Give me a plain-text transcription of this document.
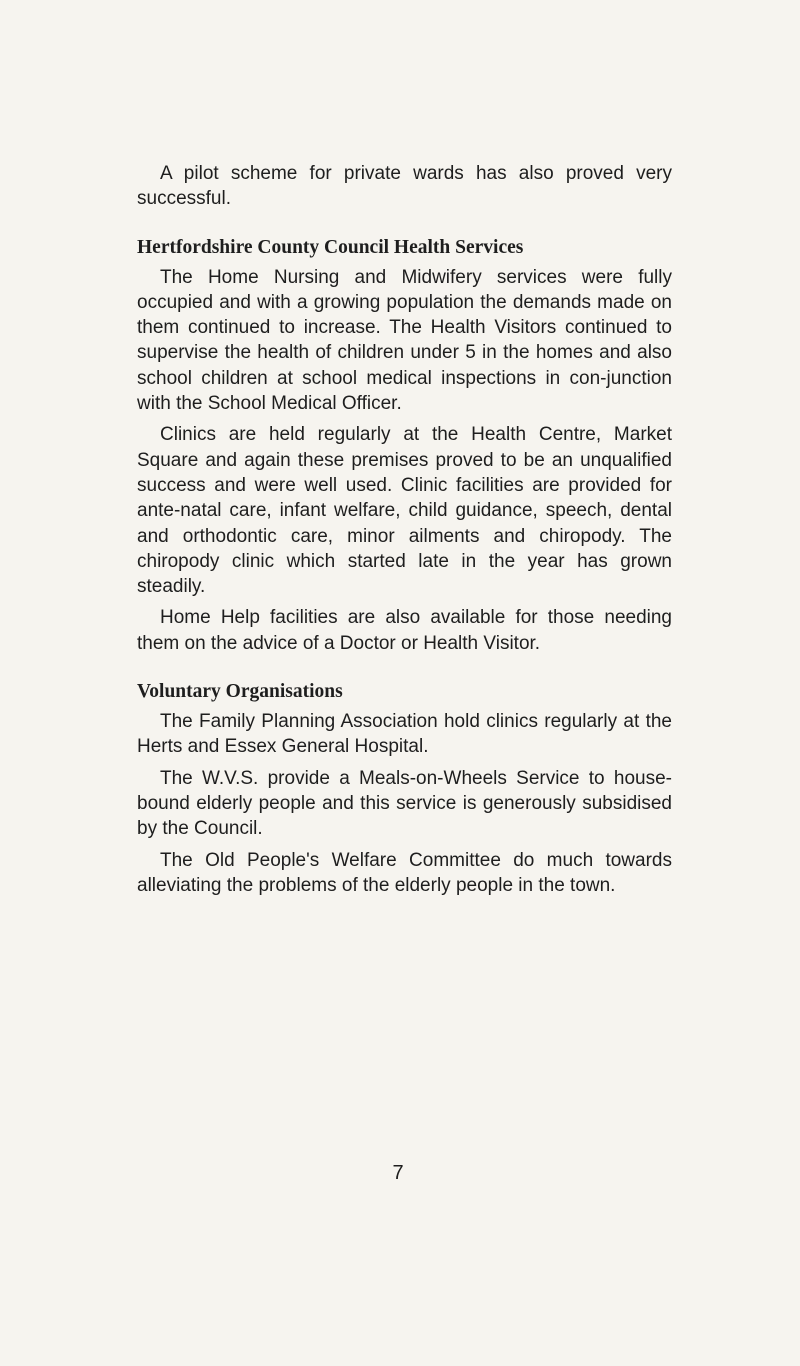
A pilot scheme for private wards has also proved very successful.

Hertfordshire County Council Health Services

The Home Nursing and Midwifery services were fully occupied and with a growing population the demands made on them continued to increase. The Health Visitors continued to supervise the health of children under 5 in the homes and also school children at school medical inspections in con-junction with the School Medical Officer.

Clinics are held regularly at the Health Centre, Market Square and again these premises proved to be an unqualified success and were well used. Clinic facilities are provided for ante-natal care, infant welfare, child guidance, speech, dental and orthodontic care, minor ailments and chiropody. The chiropody clinic which started late in the year has grown steadily.

Home Help facilities are also available for those needing them on the advice of a Doctor or Health Visitor.

Voluntary Organisations

The Family Planning Association hold clinics regularly at the Herts and Essex General Hospital.

The W.V.S. provide a Meals-on-Wheels Service to house-bound elderly people and this service is generously subsidised by the Council.

The Old People's Welfare Committee do much towards alleviating the problems of the elderly people in the town.

7
